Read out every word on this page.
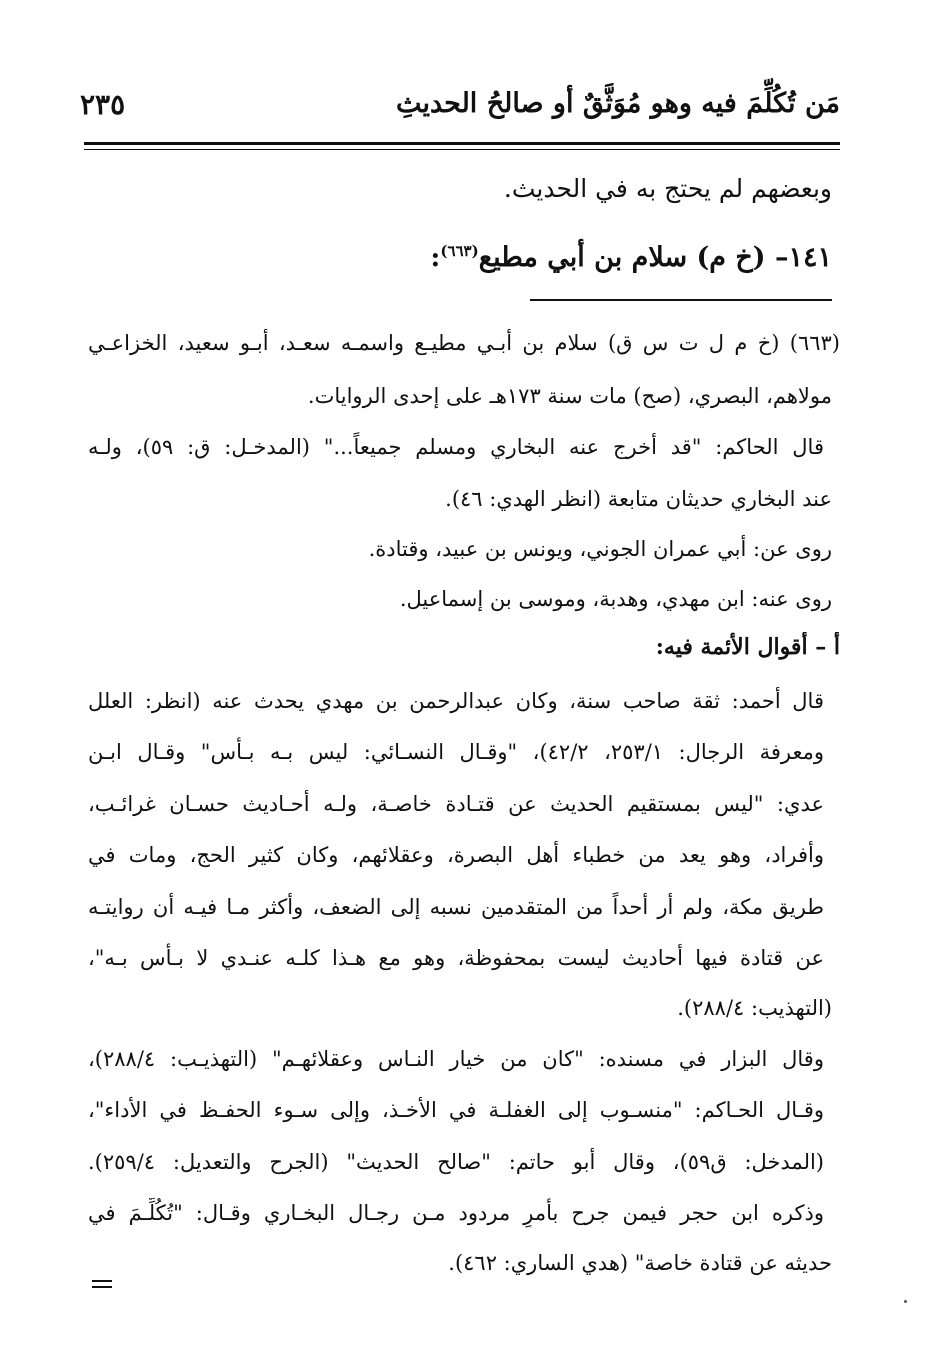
مَن تُكُلِّمَ فيه وهو مُوَثَّقٌ أو صالحُ الحديثِ
٢٣٥
وبعضهم لم يحتج به في الحديث.
١٤١– (خ م) سلام بن أبي مطيع$^{(٦٦٣)}$:
(٦٦٣) (خ م ل ت س ق) سلام بن أبـي مطيـع واسمـه سعـد، أبـو سعيد، الخزاعـي
مولاهم، البصري، (صح) مات سنة ١٧٣هـ على إحدى الروايات.
قال الحاكم: "قد أخرج عنه البخاري ومسلم جميعاً..." (المدخـل: ق: ٥٩)، ولـه
عند البخاري حديثان متابعة (انظر الهدي: ٤٦).
روى عن: أبي عمران الجوني، ويونس بن عبيد، وقتادة.
روى عنه: ابن مهدي، وهدبة، وموسى بن إسماعيل.
أ – أقوال الأئمة فيه:
قال أحمد: ثقة صاحب سنة، وكان عبدالرحمن بن مهدي يحدث عنه (انظر: العلل
ومعرفة الرجال: ٢٥٣/١، ٤٢/٢)، "وقـال النسـائي: ليس بـه بـأس" وقـال ابـن
عدي: "ليس بمستقيم الحديث عن قتـادة خاصـة، ولـه أحـاديث حسـان غرائـب،
وأفراد، وهو يعد من خطباء أهل البصرة، وعقلائهم، وكان كثير الحج، ومات في
طريق مكة، ولم أر أحداً من المتقدمين نسبه إلى الضعف، وأكثر مـا فيـه أن روايتـه
عن قتادة فيها أحاديث ليست بمحفوظة، وهو مع هـذا كلـه عنـدي لا بـأس بـه"،
(التهذيب: ٢٨٨/٤).
وقال البزار في مسنده: "كان من خيار النـاس وعقلائهـم" (التهذيـب: ٢٨٨/٤)،
وقـال الحـاكم: "منسـوب إلى الغفلـة في الأخـذ، وإلى سـوء الحفـظ في الأداء"،
(المدخل: ق٥٩)، وقال أبو حاتم: "صالح الحديث" (الجرح والتعديل: ٢٥٩/٤).
وذكره ابن حجر فيمن جرح بأمرٍ مردود مـن رجـال البخـاري وقـال: "تُكُلِّـمَ في
حديثه عن قتادة خاصة" (هدي الساري: ٤٦٢).
